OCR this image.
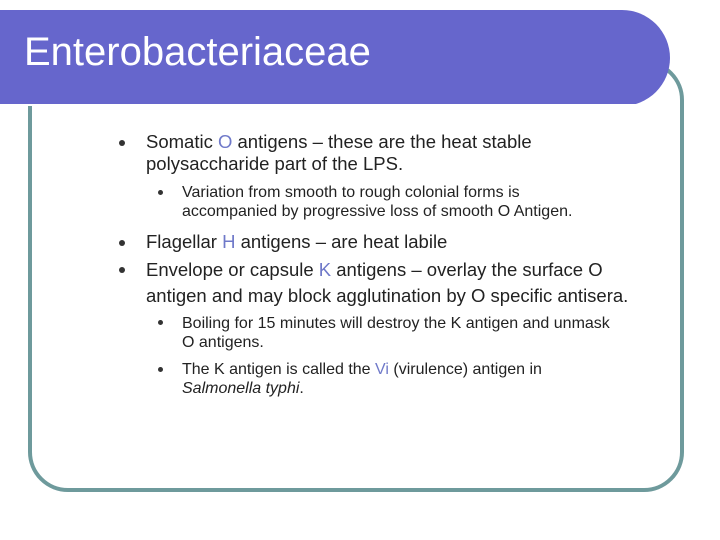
Enterobacteriaceae
Somatic O antigens – these are the heat stable
polysaccharide part of the LPS.
Variation from smooth to rough colonial forms is
accompanied by progressive loss of smooth O Antigen.
Flagellar H antigens – are heat labile
Envelope or capsule K antigens – overlay the surface O
antigen and may block agglutination by O specific antisera.
Boiling for 15 minutes will destroy the K antigen and unmask
O antigens.
The K antigen is called the Vi (virulence) antigen in
Salmonella typhi.
